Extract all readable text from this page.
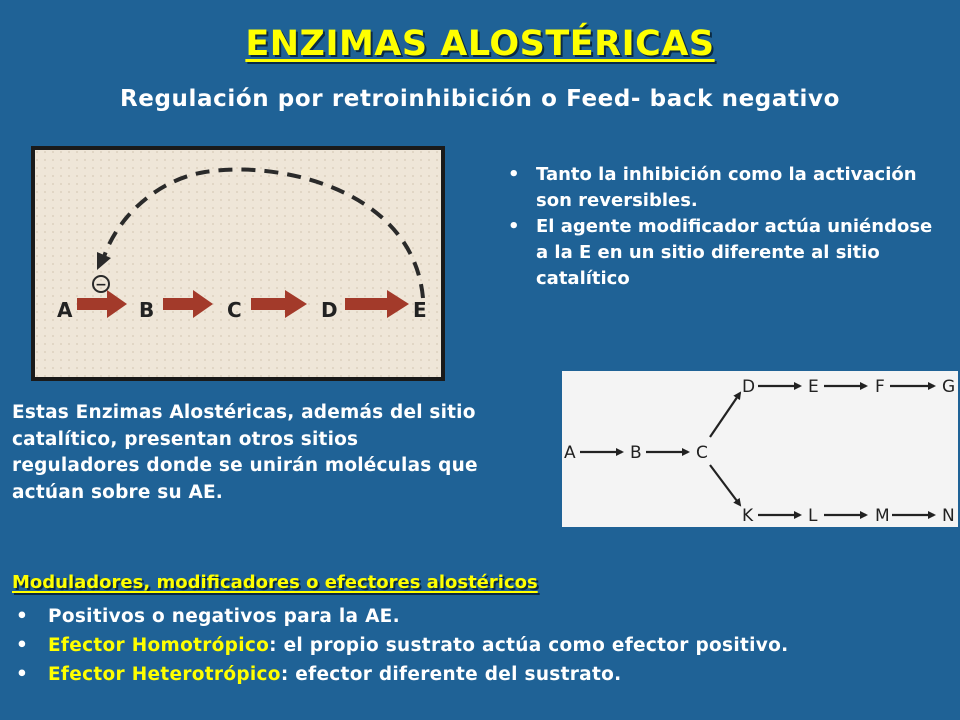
ENZIMAS ALOSTÉRICAS
Regulación por retroinhibición o Feed- back negativo
−
A	B	C	D	E
• Tanto la inhibición como la activación son reversibles.
• El agente modificador actúa uniéndose a la E en un sitio diferente al sitio catalítico
Estas Enzimas Alostéricas, además del sitio catalítico, presentan otros sitios reguladores donde se unirán moléculas que actúan sobre su AE.
A	B	C
D	E	F	G
K	L	M	N
Moduladores, modificadores o efectores alostéricos
• Positivos o negativos para la AE.
• Efector Homotrópico: el propio sustrato actúa como efector positivo.
• Efector Heterotrópico: efector diferente del sustrato.
